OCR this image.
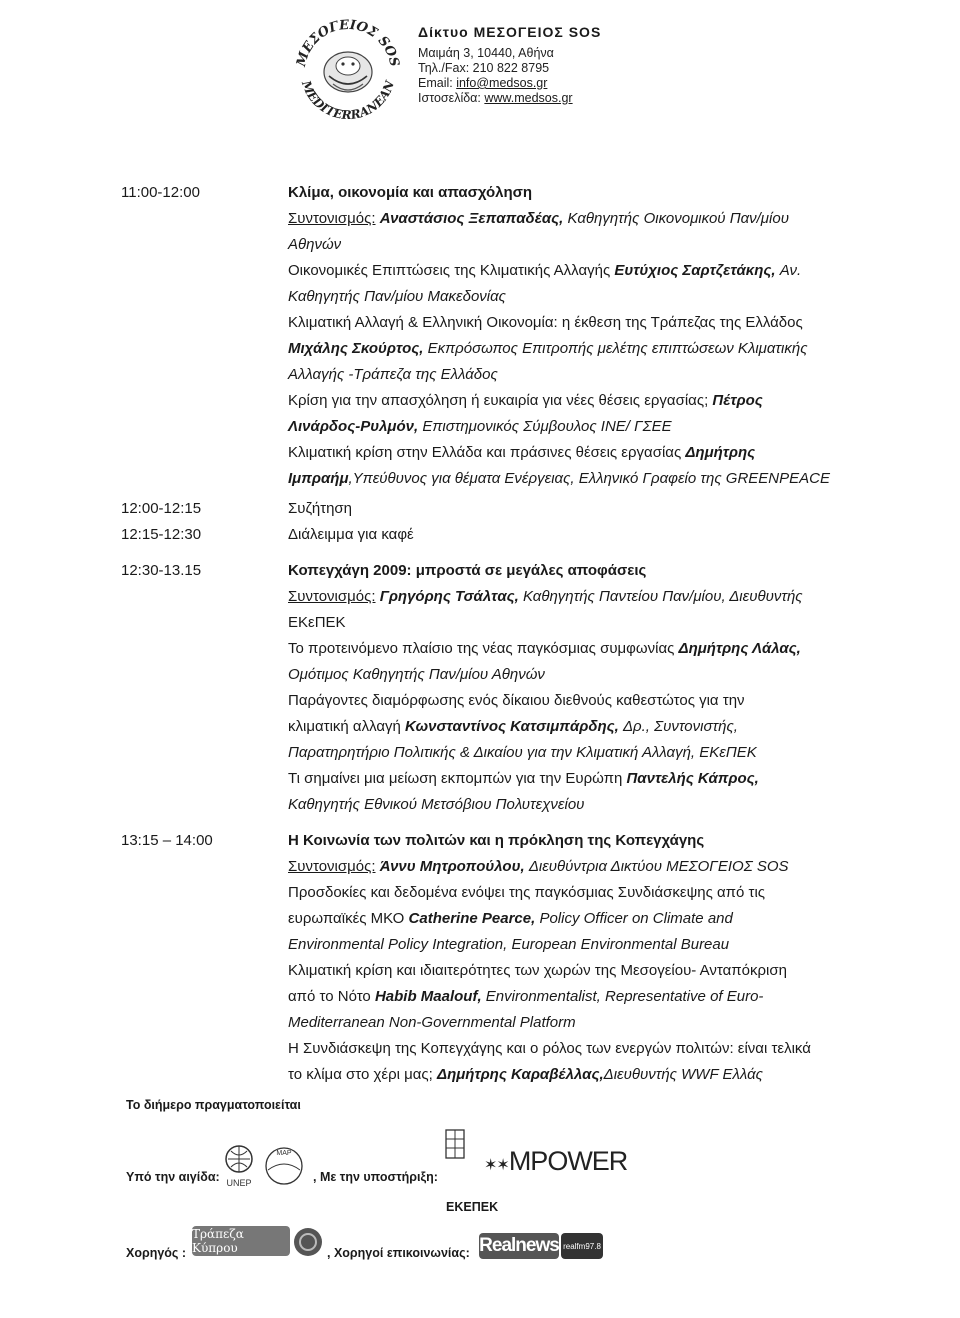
ΜΕΣΟΓΕΙΟΣ SOS
MEDITERRANEAN
Δίκτυο ΜΕΣΟΓΕΙΟΣ SOS
Μαιμάη 3, 10440, Αθήνα
Τηλ./Fax: 210 822 8795
Email: info@medsos.gr
Ιστοσελίδα: www.medsos.gr
11:00-12:00	Κλίμα, οικονομία και απασχόληση
Συντονισμός: Αναστάσιος Ξεπαπαδέας, Καθηγητής Οικονομικού Παν/μίου
Αθηνών
Οικονομικές Επιπτώσεις της Κλιματικής Αλλαγής Ευτύχιος Σαρτζετάκης, Αν.
Καθηγητής Παν/μίου Μακεδονίας
Κλιματική Αλλαγή & Ελληνική Οικονομία: η έκθεση της Τράπεζας της Ελλάδος
Μιχάλης Σκούρτος, Εκπρόσωπος Επιτροπής μελέτης επιπτώσεων Κλιματικής
Αλλαγής -Τράπεζα της Ελλάδος
Κρίση για την απασχόληση ή ευκαιρία για νέες θέσεις εργασίας; Πέτρος
Λινάρδος-Ρυλμόν, Επιστημονικός Σύμβουλος ΙΝΕ/ ΓΣΕΕ
Κλιματική κρίση στην Ελλάδα και πράσινες θέσεις εργασίας Δημήτρης
Ιμπραήμ,Υπεύθυνος για θέματα Ενέργειας, Ελληνικό Γραφείο της GREENPEACE
12:00-12:15	Συζήτηση
12:15-12:30	Διάλειμμα για καφέ
12:30-13.15	Κοπεγχάγη 2009: μπροστά σε μεγάλες αποφάσεις
Συντονισμός: Γρηγόρης Τσάλτας, Καθηγητής Παντείου Παν/μίου, Διευθυντής
ΕΚεΠΕΚ
Το προτεινόμενο πλαίσιο της νέας παγκόσμιας συμφωνίας Δημήτρης Λάλας,
Ομότιμος Καθηγητής Παν/μίου Αθηνών
Παράγοντες διαμόρφωσης ενός δίκαιου διεθνούς καθεστώτος για την
κλιματική αλλαγή Κωνσταντίνος Κατσιμπάρδης, Δρ., Συντονιστής,
Παρατηρητήριο Πολιτικής & Δικαίου για την Κλιματική Αλλαγή, ΕΚεΠΕΚ
Τι σημαίνει μια μείωση εκπομπών για την Ευρώπη Παντελής Κάπρος,
Καθηγητής Εθνικού Μετσόβιου Πολυτεχνείου
13:15 – 14:00	Η Κοινωνία των πολιτών και η πρόκληση της Κοπεγχάγης
Συντονισμός: Άννυ Μητροπούλου, Διευθύντρια Δικτύου ΜΕΣΟΓΕΙΟΣ SOS
Προσδοκίες και δεδομένα ενόψει της παγκόσμιας Συνδιάσκεψης από τις
ευρωπαϊκές ΜΚΟ Catherine Pearce, Policy Officer on Climate and
Environmental Policy Integration, European Environmental Bureau
Κλιματική κρίση και ιδιαιτερότητες των χωρών της Μεσογείου- Ανταπόκριση
από το Νότο Habib Maalouf, Environmentalist, Representative of Euro-
Mediterranean Non-Governmental Platform
Η Συνδιάσκεψη της Κοπεγχάγης και ο ρόλος των ενεργών πολιτών: είναι τελικά
το κλίμα στο χέρι μας; Δημήτρης Καραβέλλας,Διευθυντής WWF Ελλάς
Το διήμερο πραγματοποιείται
Υπό την αιγίδα: UNEP
MAP
, Με την υποστήριξη:
✶✶MPOWER
ΕΚΕΠΕΚ
Χορηγός :
Τράπεζα Κύπρου	, Χορηγοί επικοινωνίας: Realnews realfm97.8
